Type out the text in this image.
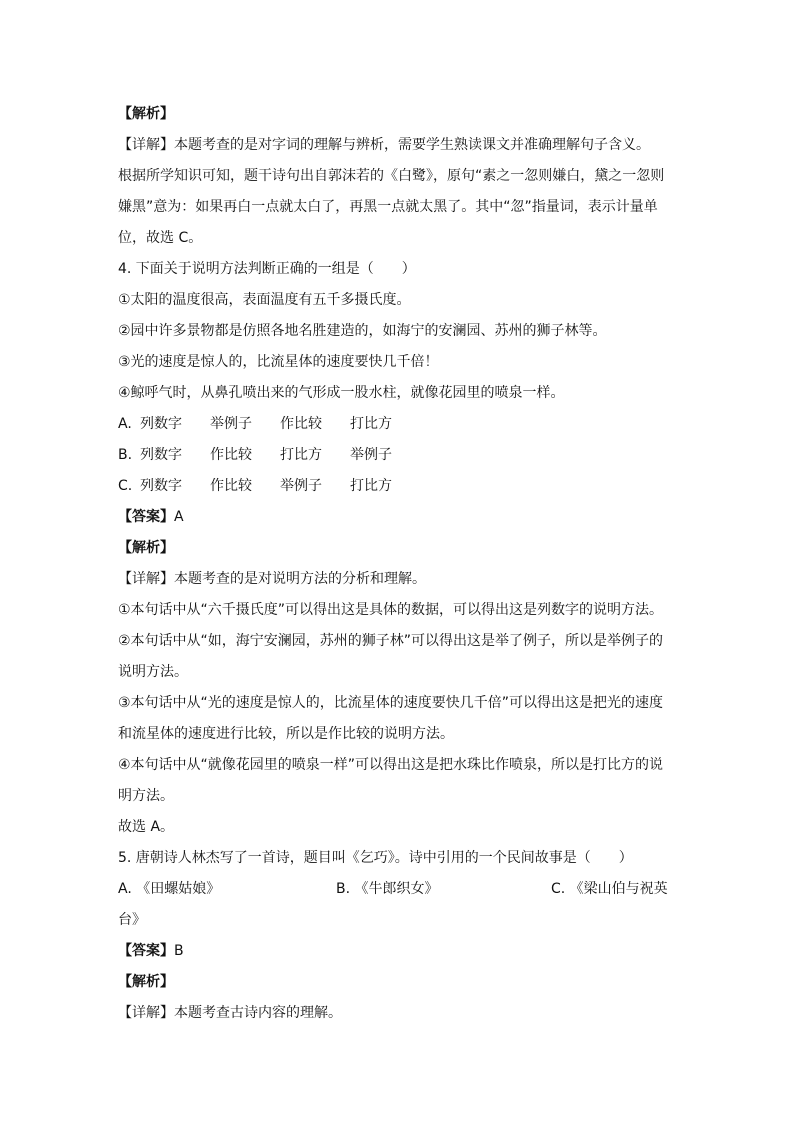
【解析】
【详解】本题考查的是对字词的理解与辨析，需要学生熟读课文并准确理解句子含义。
根据所学知识可知，题干诗句出自郭沫若的《白鹭》，原句“素之一忽则嫌白，黛之一忽则
嫌黑”意为：如果再白一点就太白了，再黑一点就太黑了。其中“忽”指量词，表示计量单
位，故选 C。
4. 下面关于说明方法判断正确的一组是（　　）
①太阳的温度很高，表面温度有五千多摄氏度。
②园中许多景物都是仿照各地名胜建造的，如海宁的安澜园、苏州的狮子林等。
③光的速度是惊人的，比流星体的速度要快几千倍！
④鲸呼气时，从鼻孔喷出来的气形成一股水柱，就像花园里的喷泉一样。
A. 列数字 举例子 作比较 打比方
B. 列数字 作比较 打比方 举例子
C. 列数字 作比较 举例子 打比方
【答案】A
【解析】
【详解】本题考查的是对说明方法的分析和理解。
①本句话中从“六千摄氏度”可以得出这是具体的数据，可以得出这是列数字的说明方法。
②本句话中从“如，海宁安澜园，苏州的狮子林”可以得出这是举了例子，所以是举例子的
说明方法。
③本句话中从“光的速度是惊人的，比流星体的速度要快几千倍”可以得出这是把光的速度
和流星体的速度进行比较，所以是作比较的说明方法。
④本句话中从“就像花园里的喷泉一样”可以得出这是把水珠比作喷泉，所以是打比方的说
明方法。
故选 A。
5. 唐朝诗人林杰写了一首诗，题目叫《乞巧》。诗中引用的一个民间故事是（　　）
A. 《田螺姑娘》	B. 《牛郎织女》	C. 《梁山伯与祝英
台》
【答案】B
【解析】
【详解】本题考查古诗内容的理解。
